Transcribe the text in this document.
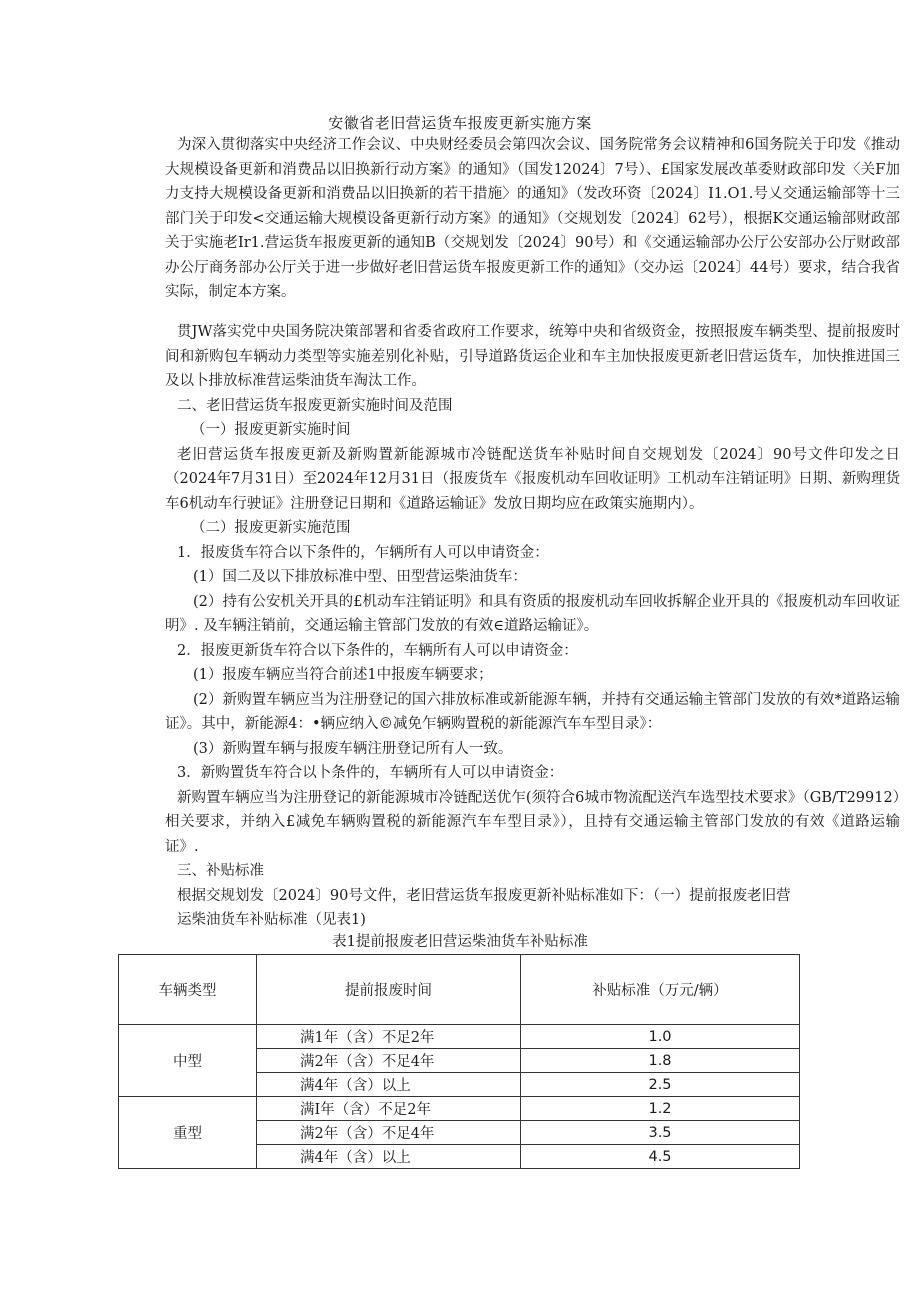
安徽省老旧营运货车报废更新实施方案

为深入贯彻落实中央经济工作会议、中央财经委员会第四次会议、国务院常务会议精神和6国务院关于印发《推动大规模设备更新和消费品以旧换新行动方案》的通知》（国发12024〕7号）、£国家发展改革委财政部印发〈关F加力支持大规模设备更新和消费品以旧换新的若干措施〉的通知》（发改环资〔2024〕I1.O1.号乂交通运输部等十三部门关于印发<交通运输大规模设备更新行动方案》的通知》（交规划发〔2024〕62号），根据K交通运输部财政部关于实施老Ir1.营运货车报废更新的通知B（交规划发〔2024〕90号）和《交通运输部办公厅公安部办公厅财政部办公厅商务部办公厅关于进一步做好老旧营运货车报废更新工作的通知》（交办运〔2024〕44号）要求，结合我省实际，制定本方案。

贯JW落实党中央国务院决策部署和省委省政府工作要求，统筹中央和省级资金，按照报废车辆类型、提前报废时间和新购包车辆动力类型等实施差别化补贴，引导道路货运企业和车主加快报废更新老旧营运货车，加快推进国三及以卜排放标准营运柴油货车淘汰工作。

二、老旧营运货车报废更新实施时间及范围

（一）报废更新实施时间

老旧营运货车报废更新及新购置新能源城市冷链配送货车补贴时间自交规划发〔2024〕90号文件印发之日（2024年7月31日）至2024年12月31日（报废货车《报废机动车回收证明》工机动车注销证明》日期、新购理货车6机动车行驶证》注册登记日期和《道路运输证》发放日期均应在政策实施期内）。

（二）报废更新实施范围

1．报废货车符合以下条件的，乍辆所有人可以申请资金：

(1）国二及以下排放标准中型、田型营运柴油货车：

(2）持有公安机关开具的£机动车注销证明》和具有资质的报废机动车回收拆解企业开具的《报废机动车回收证明》. 及车辆注销前，交通运输主管部门发放的有效∈道路运输证》。

2．报废更新货车符合以下条件的，车辆所有人可以申请资金：

(1）报废车辆应当符合前述1中报废车辆要求；

(2）新购置车辆应当为注册登记的国六排放标准或新能源车辆，并持有交通运输主管部门发放的有效*道路运输证》。其中，新能源4：•辆应纳入©减免乍辆购置税的新能源汽车车型目录》：

(3）新购置车辆与报废车辆注册登记所有人一致。

3．新购置货车符合以卜条件的，车辆所有人可以申请资金：

新购置车辆应当为注册登记的新能源城市冷链配送优乍(须符合6城市物流配送汽车选型技术要求》（GB/T29912）相关要求，并纳入£减免车辆购置税的新能源汽车车型目录》），且持有交通运输主管部门发放的有效《道路运输证》.

三、补贴标准

根据交规划发〔2024〕90号文件，老旧营运货车报废更新补贴标准如下：（一）提前报废老旧营

运柴油货车补贴标准（见表1)

表1提前报废老旧营运柴油货车补贴标准
车辆类型	提前报废时间	补贴标准（万元/辆）
中型	满1年（含）不足2年	1.0
	满2年（含）不足4年	1.8
	满4年（含）以上	2.5
重型	满I年（含）不足2年	1.2
	满2年（含）不足4年	3.5
	满4年（含）以上	4.5
